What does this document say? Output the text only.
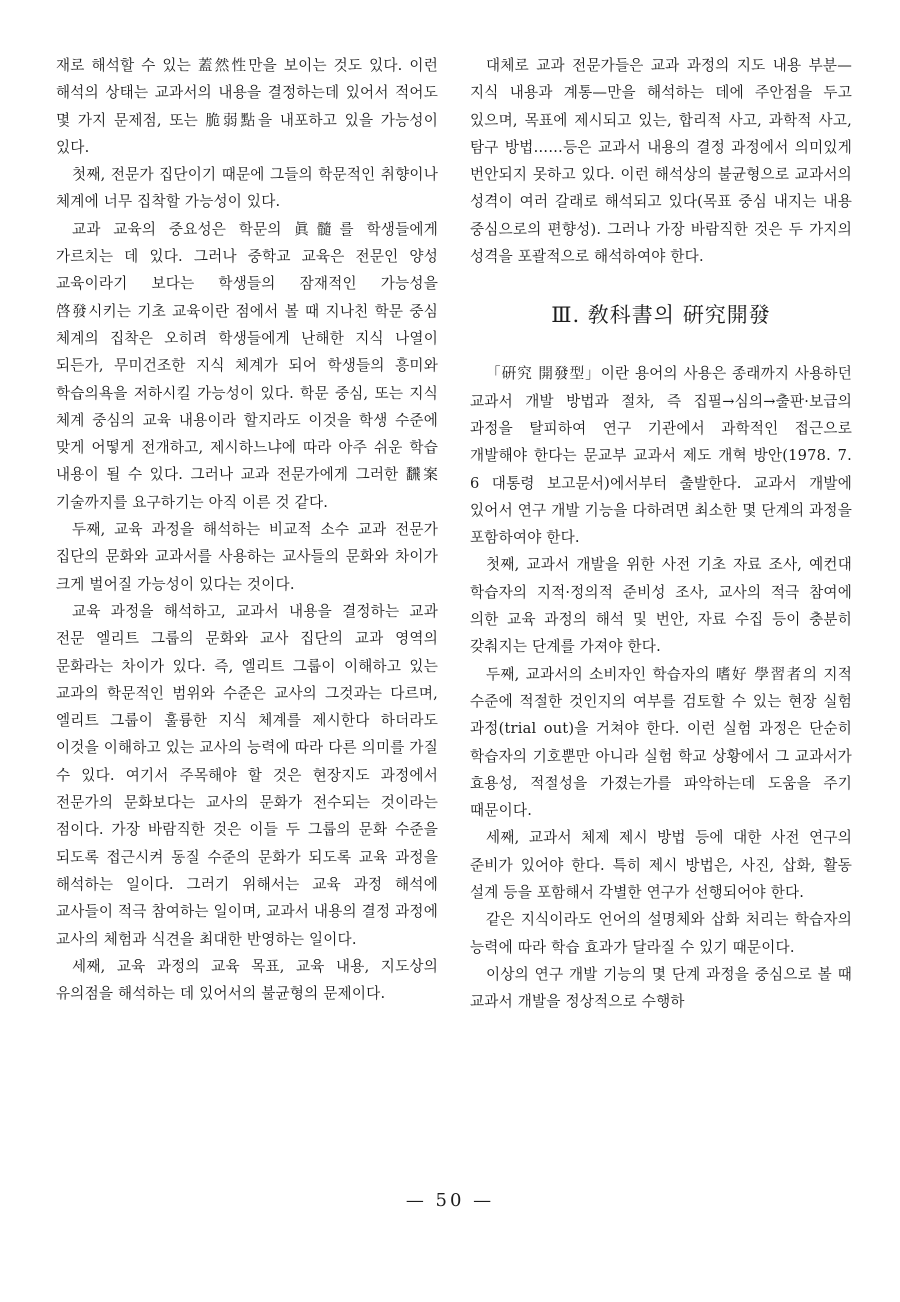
재로 해석할 수 있는 蓋然性만을 보이는 것도 있다. 이런 해석의 상태는 교과서의 내용을 결정하는데 있어서 적어도 몇 가지 문제점, 또는 脆弱點을 내포하고 있을 가능성이 있다.

첫째, 전문가 집단이기 때문에 그들의 학문적인 취향이나 체계에 너무 집착할 가능성이 있다.

교과 교육의 중요성은 학문의 眞髓를 학생들에게 가르치는 데 있다. 그러나 중학교 교육은 전문인 양성 교육이라기 보다는 학생들의 잠재적인 가능성을 啓發시키는 기초 교육이란 점에서 볼 때 지나친 학문 중심 체계의 집착은 오히려 학생들에게 난해한 지식 나열이 되든가, 무미건조한 지식 체계가 되어 학생들의 흥미와 학습의욕을 저하시킬 가능성이 있다. 학문 중심, 또는 지식 체계 중심의 교육 내용이라 할지라도 이것을 학생 수준에 맞게 어떻게 전개하고, 제시하느냐에 따라 아주 쉬운 학습 내용이 될 수 있다. 그러나 교과 전문가에게 그러한 飜案 기술까지를 요구하기는 아직 이른 것 같다.

두째, 교육 과정을 해석하는 비교적 소수 교과 전문가 집단의 문화와 교과서를 사용하는 교사들의 문화와 차이가 크게 벌어질 가능성이 있다는 것이다.

교육 과정을 해석하고, 교과서 내용을 결정하는 교과 전문 엘리트 그룹의 문화와 교사 집단의 교과 영역의 문화라는 차이가 있다. 즉, 엘리트 그룹이 이해하고 있는 교과의 학문적인 범위와 수준은 교사의 그것과는 다르며, 엘리트 그룹이 훌륭한 지식 체계를 제시한다 하더라도 이것을 이해하고 있는 교사의 능력에 따라 다른 의미를 가질 수 있다. 여기서 주목해야 할 것은 현장지도 과정에서 전문가의 문화보다는 교사의 문화가 전수되는 것이라는 점이다. 가장 바람직한 것은 이들 두 그룹의 문화 수준을 되도록 접근시켜 동질 수준의 문화가 되도록 교육 과정을 해석하는 일이다. 그러기 위해서는 교육 과정 해석에 교사들이 적극 참여하는 일이며, 교과서 내용의 결정 과정에 교사의 체험과 식견을 최대한 반영하는 일이다.

세째, 교육 과정의 교육 목표, 교육 내용, 지도상의 유의점을 해석하는 데 있어서의 불균형의 문제이다.

대체로 교과 전문가들은 교과 과정의 지도 내용 부분—지식 내용과 계통—만을 해석하는 데에 주안점을 두고 있으며, 목표에 제시되고 있는, 합리적 사고, 과학적 사고, 탐구 방법……등은 교과서 내용의 결정 과정에서 의미있게 번안되지 못하고 있다. 이런 해석상의 불균형으로 교과서의 성격이 여러 갈래로 해석되고 있다(목표 중심 내지는 내용 중심으로의 편향성). 그러나 가장 바람직한 것은 두 가지의 성격을 포괄적으로 해석하여야 한다.

Ⅲ. 敎科書의 硏究開發

「硏究 開發型」이란 용어의 사용은 종래까지 사용하던 교과서 개발 방법과 절차, 즉 집필→심의→출판·보급의 과정을 탈피하여 연구 기관에서 과학적인 접근으로 개발해야 한다는 문교부 교과서 제도 개혁 방안(1978. 7. 6 대통령 보고문서)에서부터 출발한다. 교과서 개발에 있어서 연구 개발 기능을 다하려면 최소한 몇 단계의 과정을 포함하여야 한다.

첫째, 교과서 개발을 위한 사전 기초 자료 조사, 예컨대 학습자의 지적·정의적 준비성 조사, 교사의 적극 참여에 의한 교육 과정의 해석 및 번안, 자료 수집 등이 충분히 갖춰지는 단계를 가져야 한다.

두째, 교과서의 소비자인 학습자의 嗜好 學習者의 지적 수준에 적절한 것인지의 여부를 검토할 수 있는 현장 실험 과정(trial out)을 거쳐야 한다. 이런 실험 과정은 단순히 학습자의 기호뿐만 아니라 실험 학교 상황에서 그 교과서가 효용성, 적절성을 가졌는가를 파악하는데 도움을 주기 때문이다.

세째, 교과서 체제 제시 방법 등에 대한 사전 연구의 준비가 있어야 한다. 특히 제시 방법은, 사진, 삽화, 활동 설계 등을 포함해서 각별한 연구가 선행되어야 한다.

같은 지식이라도 언어의 설명체와 삽화 처리는 학습자의 능력에 따라 학습 효과가 달라질 수 있기 때문이다.

이상의 연구 개발 기능의 몇 단계 과정을 중심으로 볼 때 교과서 개발을 정상적으로 수행하

— 50 —
